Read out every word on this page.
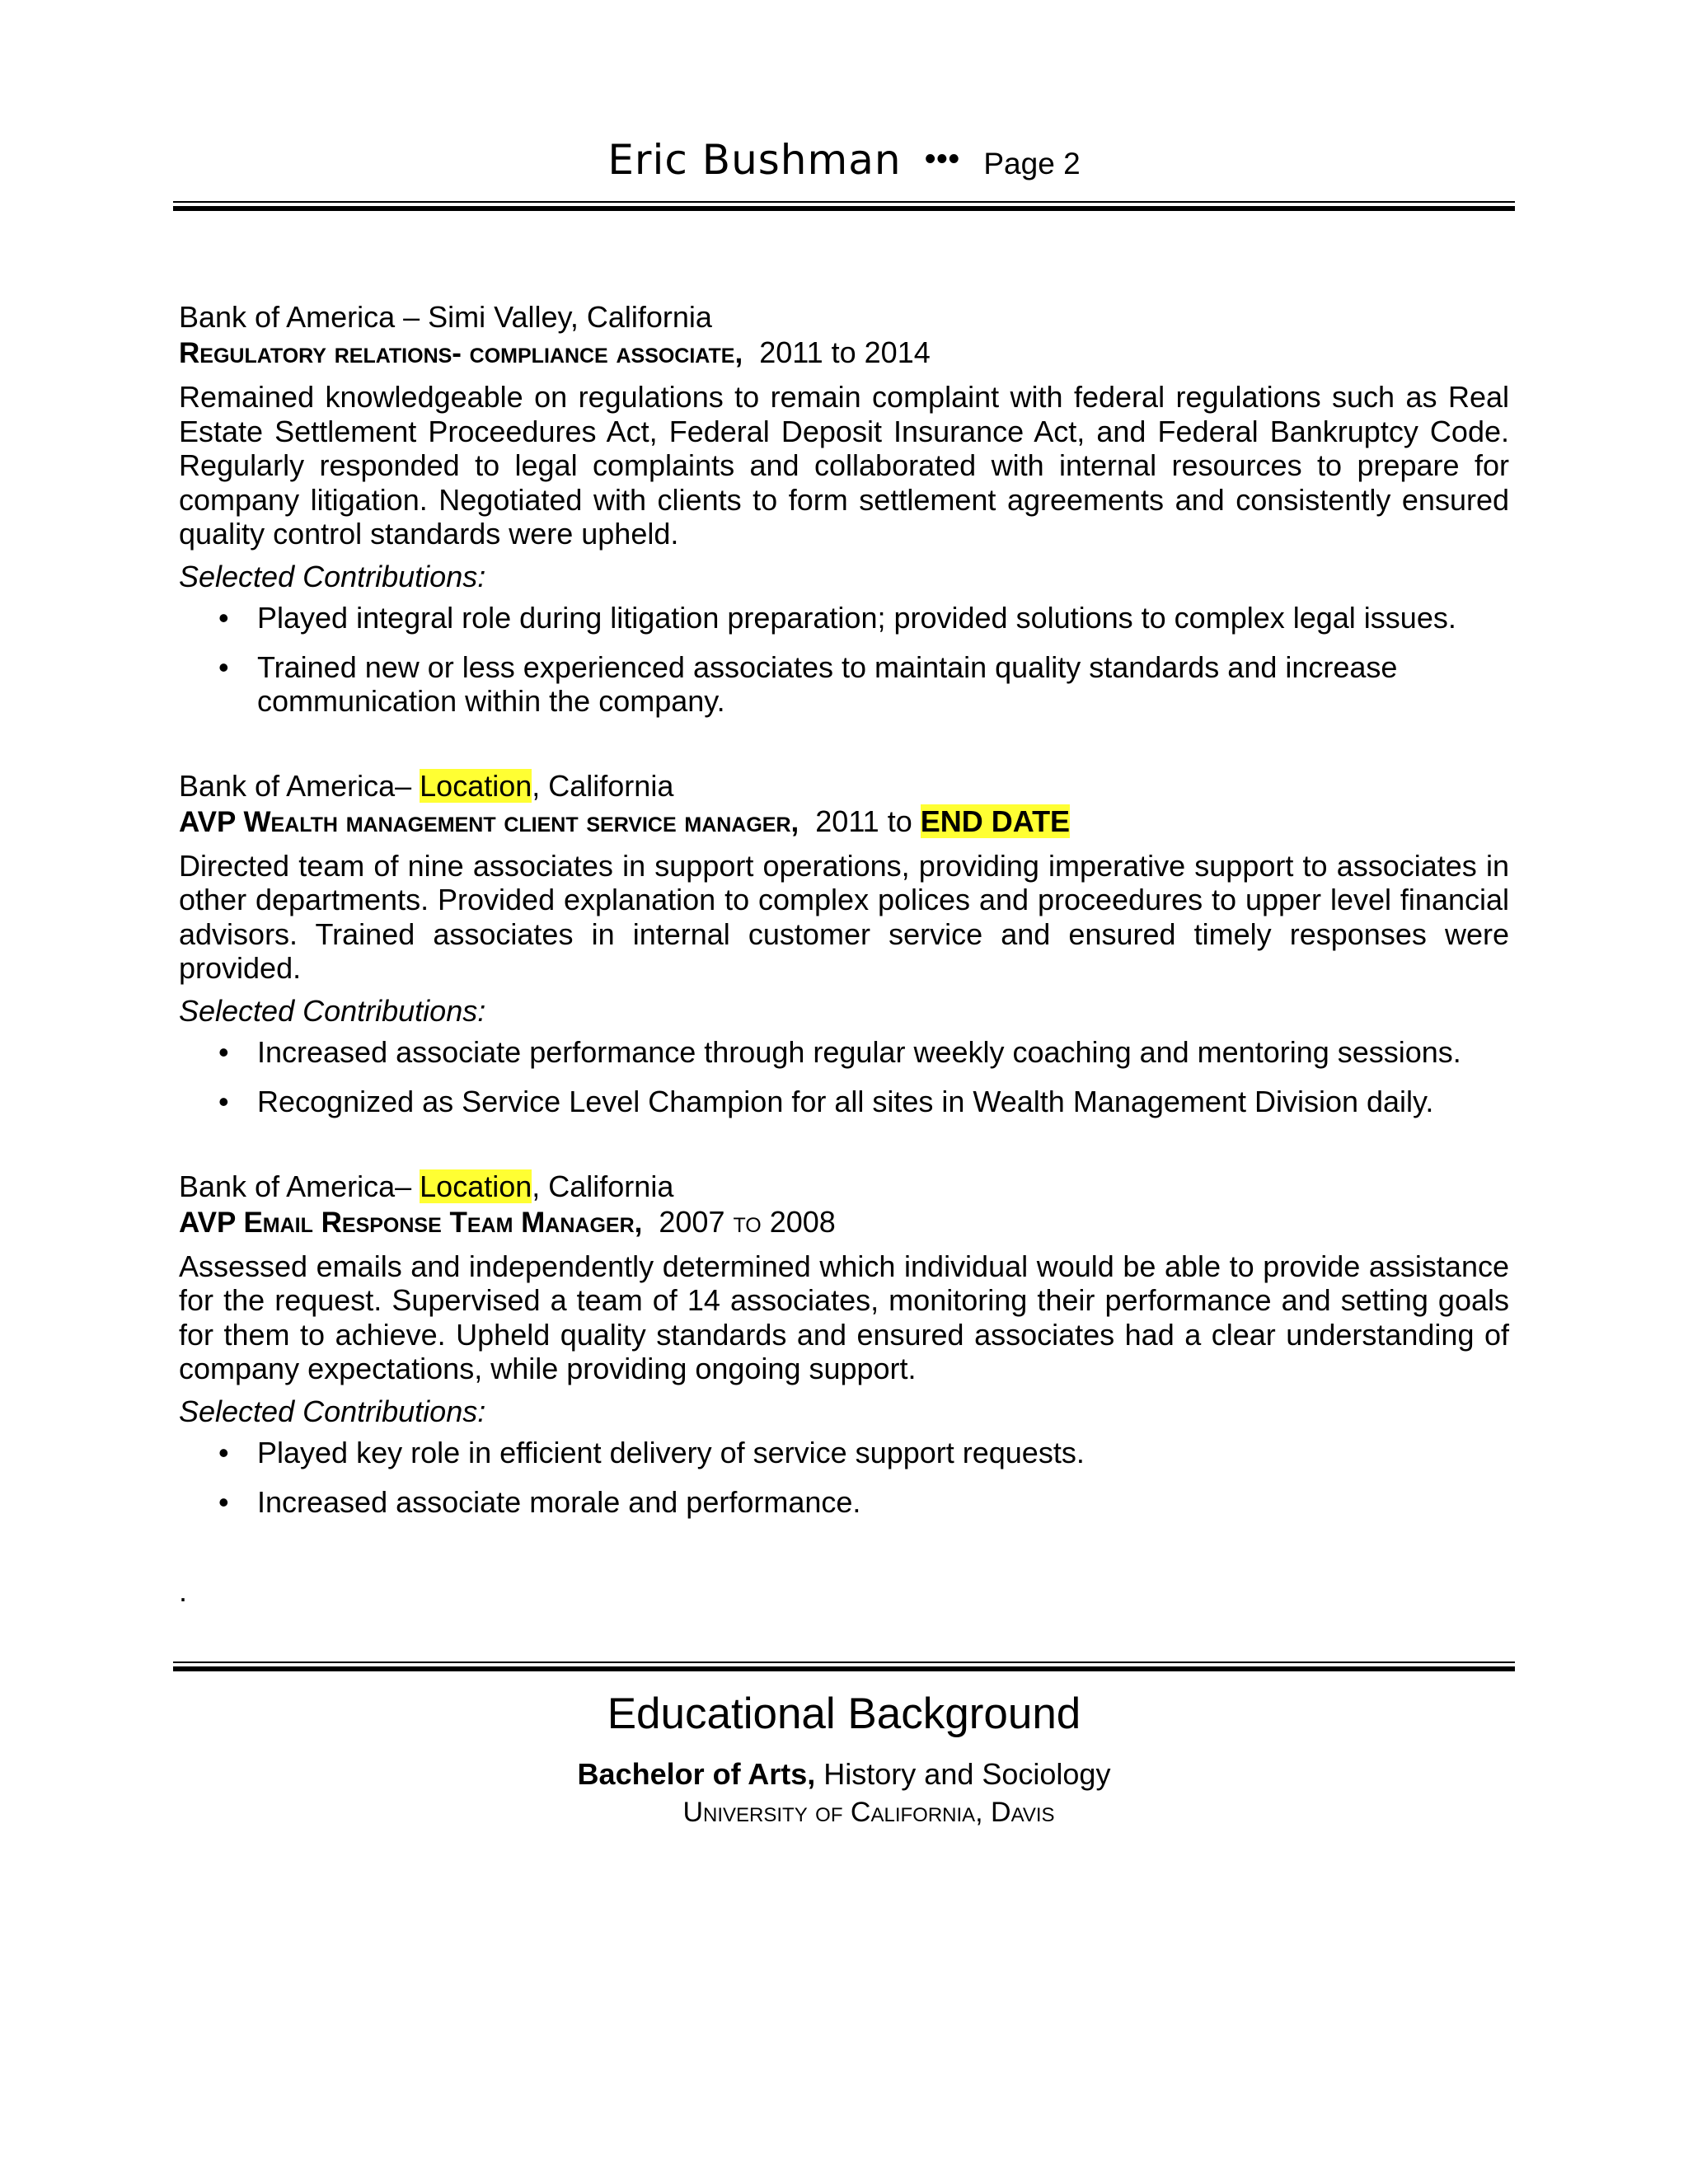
Eric Bushman ••• Page 2
Bank of America – Simi Valley, California
Regulatory relations- compliance associate, 2011 to 2014
Remained knowledgeable on regulations to remain complaint with federal regulations such as Real Estate Settlement Proceedures Act, Federal Deposit Insurance Act, and Federal Bankruptcy Code. Regularly responded to legal complaints and collaborated with internal resources to prepare for company litigation. Negotiated with clients to form settlement agreements and consistently ensured quality control standards were upheld.
Selected Contributions:
• Played integral role during litigation preparation; provided solutions to complex legal issues.
• Trained new or less experienced associates to maintain quality standards and increase communication within the company.
Bank of America– Location, California
AVP Wealth management client service manager, 2011 to END DATE
Directed team of nine associates in support operations, providing imperative support to associates in other departments. Provided explanation to complex polices and proceedures to upper level financial advisors. Trained associates in internal customer service and ensured timely responses were provided.
Selected Contributions:
• Increased associate performance through regular weekly coaching and mentoring sessions.
• Recognized as Service Level Champion for all sites in Wealth Management Division daily.
Bank of America– Location, California
AVP Email Response Team Manager, 2007 to 2008
Assessed emails and independently determined which individual would be able to provide assistance for the request. Supervised a team of 14 associates, monitoring their performance and setting goals for them to achieve. Upheld quality standards and ensured associates had a clear understanding of company expectations, while providing ongoing support.
Selected Contributions:
• Played key role in efficient delivery of service support requests.
• Increased associate morale and performance.
.
Educational Background
Bachelor of Arts, History and Sociology
University of California, Davis
